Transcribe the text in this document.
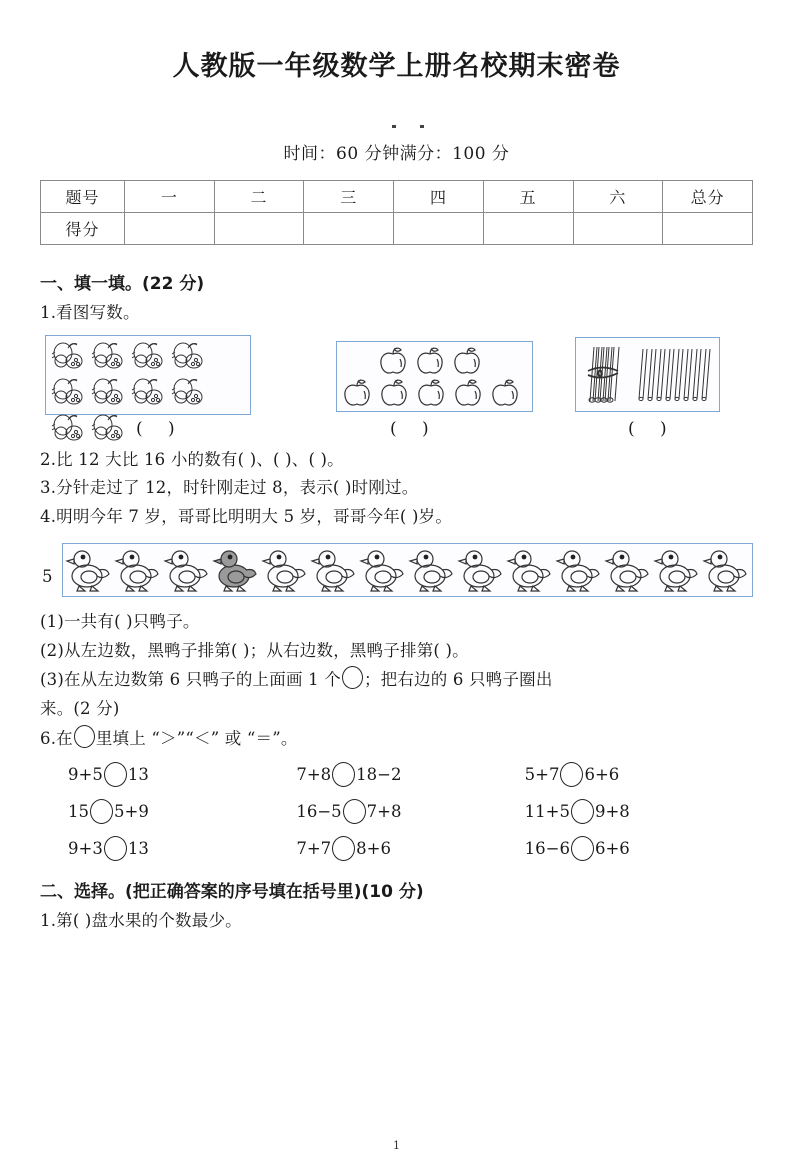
人教版一年级数学上册名校期末密卷
时间：60 分钟满分：100 分
题号	一	二	三	四	五	六	总分
得分							
一、填一填。(22 分)
1.看图写数。
( )	( )	( )
2.比 12 大比 16 小的数有( )、( )、( )。
3.分针走过了 12，时针刚走过 8，表示( )时刚过。
4.明明今年 7 岁，哥哥比明明大 5 岁，哥哥今年( )岁。
5
(1)一共有( )只鸭子。
(2)从左边数，黑鸭子排第( )；从右边数，黑鸭子排第( )。
(3)在从左边数第 6 只鸭子的上面画 1 个 ；把右边的 6 只鸭子圈出
来。(2 分)
6.在 里填上 “＞”“＜” 或 “＝”。
9+5 13	7+8 18−2	5+7 6+6
15 5+9	16−5 7+8	11+5 9+8
9+3 13	7+7 8+6	16−6 6+6
二、选择。(把正确答案的序号填在括号里)(10 分)
1.第( )盘水果的个数最少。
1
